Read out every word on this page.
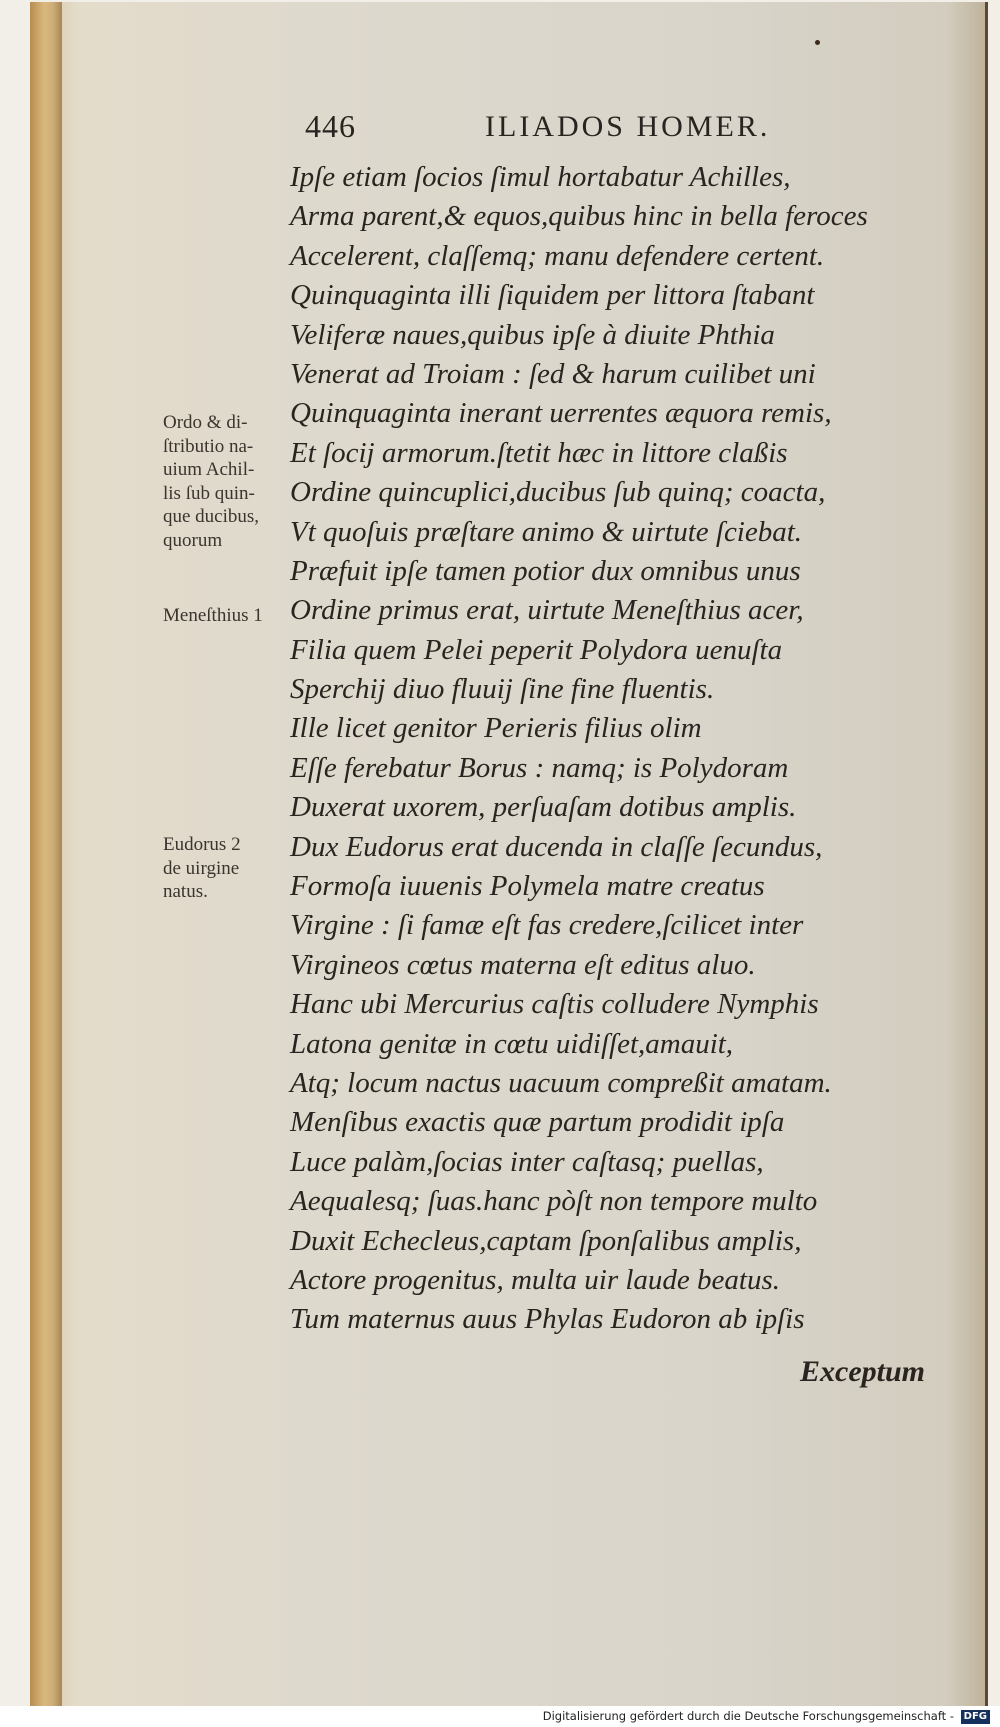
446	ILIADOS HOMER.
Ipſe etiam ſocios ſimul hortabatur Achilles,
Arma parent,& equos,quibus hinc in bella feroces
Accelerent, claſſemq; manu defendere certent.
Quinquaginta illi ſiquidem per littora ſtabant
Veliferæ naues,quibus ipſe à diuite Phthia
Venerat ad Troiam : ſed & harum cuilibet uni
Quinquaginta inerant uerrentes æquora remis,
Et ſocij armorum.ſtetit hæc in littore claßis
Ordine quincuplici,ducibus ſub quinq; coacta,
Vt quoſuis præſtare animo & uirtute ſciebat.
Præfuit ipſe tamen potior dux omnibus unus
Ordine primus erat, uirtute Meneſthius acer,
Filia quem Pelei peperit Polydora uenuſta
Sperchij diuo fluuij ſine fine fluentis.
Ille licet genitor Perieris filius olim
Eſſe ferebatur Borus : namq; is Polydoram
Duxerat uxorem, perſuaſam dotibus amplis.
Dux Eudorus erat ducenda in claſſe ſecundus,
Formoſa iuuenis Polymela matre creatus
Virgine : ſi famæ eſt fas credere,ſcilicet inter
Virgineos cœtus materna eſt editus aluo.
Hanc ubi Mercurius caſtis colludere Nymphis
Latona genitæ in cœtu uidiſſet,amauit,
Atq; locum nactus uacuum compreßit amatam.
Menſibus exactis quæ partum prodidit ipſa
Luce palàm,ſocias inter caſtasq; puellas,
Aequalesq; ſuas.hanc pòſt non tempore multo
Duxit Echecleus,captam ſponſalibus amplis,
Actore progenitus, multa uir laude beatus.
Tum maternus auus Phylas Eudoron ab ipſis
Exceptum
Ordo & di-
ſtributio na-
uium Achil-
lis ſub quin-
que ducibus,
quorum
Meneſthius 1
Eudorus 2
de uirgine
natus.
Digitalisierung gefördert durch die Deutsche Forschungsgemeinschaft - DFG
